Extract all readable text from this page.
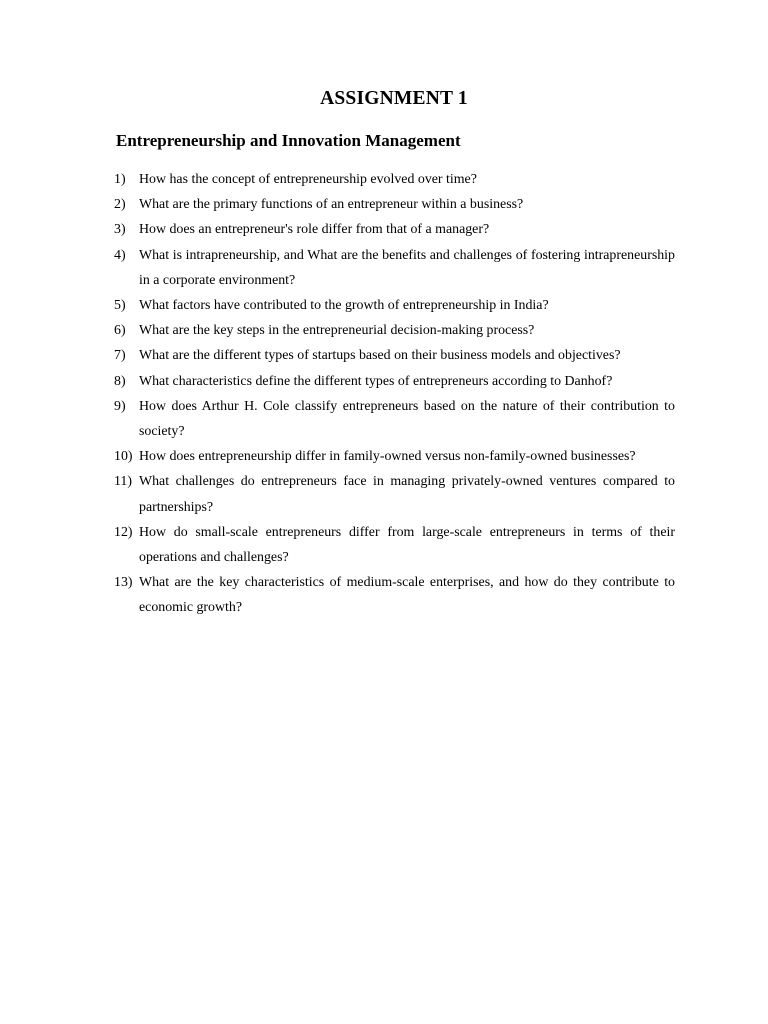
ASSIGNMENT 1
Entrepreneurship and Innovation Management
1) How has the concept of entrepreneurship evolved over time?
2) What are the primary functions of an entrepreneur within a business?
3) How does an entrepreneur's role differ from that of a manager?
4) What is intrapreneurship, and What are the benefits and challenges of fostering intrapreneurship in a corporate environment?
5) What factors have contributed to the growth of entrepreneurship in India?
6) What are the key steps in the entrepreneurial decision-making process?
7) What are the different types of startups based on their business models and objectives?
8) What characteristics define the different types of entrepreneurs according to Danhof?
9) How does Arthur H. Cole classify entrepreneurs based on the nature of their contribution to society?
10) How does entrepreneurship differ in family-owned versus non-family-owned businesses?
11) What challenges do entrepreneurs face in managing privately-owned ventures compared to partnerships?
12) How do small-scale entrepreneurs differ from large-scale entrepreneurs in terms of their operations and challenges?
13) What are the key characteristics of medium-scale enterprises, and how do they contribute to economic growth?
